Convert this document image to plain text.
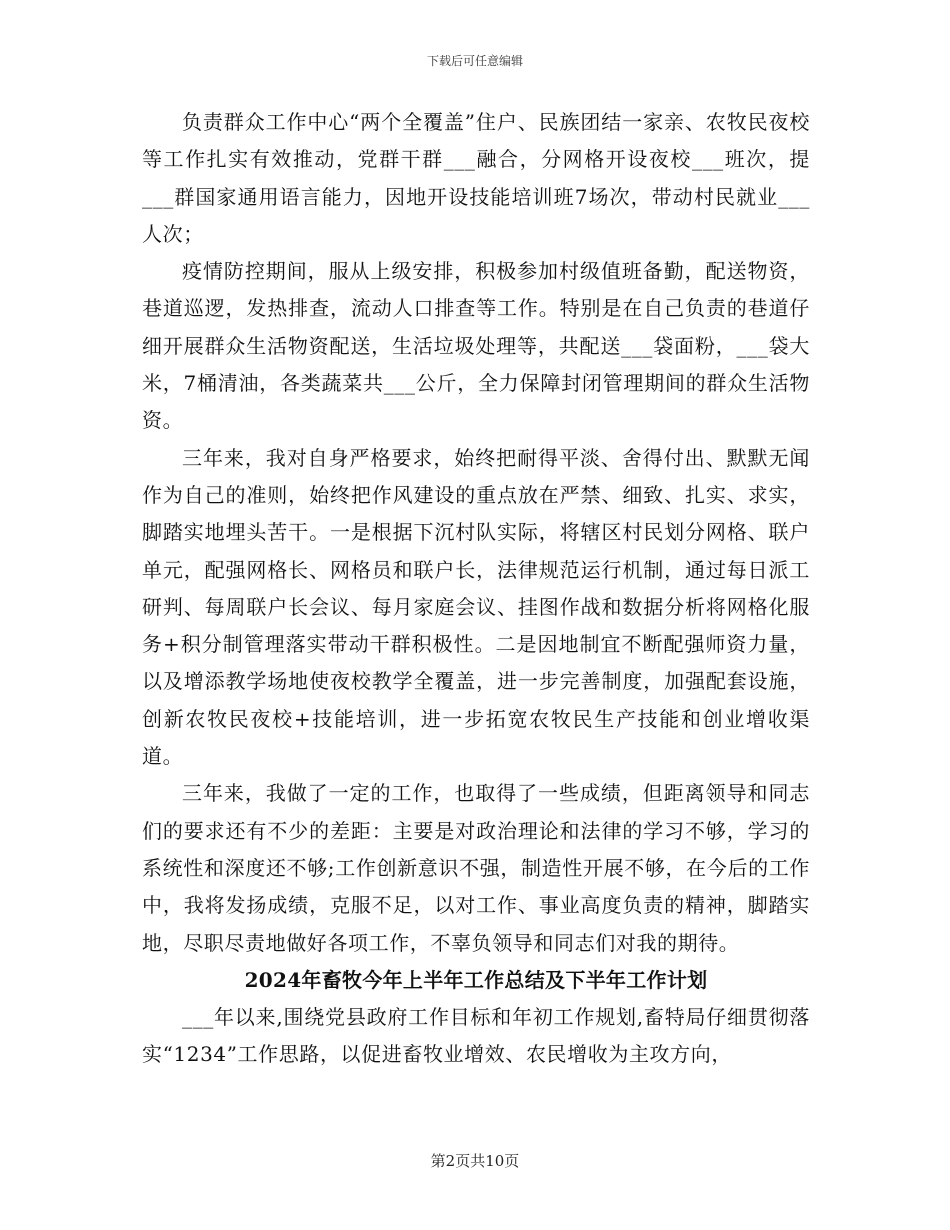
下载后可任意编辑

负责群众工作中心“两个全覆盖”住户、民族团结一家亲、农牧民夜校等工作扎实有效推动，党群干群___融合，分网格开设夜校___班次，提___群国家通用语言能力，因地开设技能培训班7场次，带动村民就业___人次；

疫情防控期间，服从上级安排，积极参加村级值班备勤，配送物资，巷道巡逻，发热排查，流动人口排查等工作。特别是在自己负责的巷道仔细开展群众生活物资配送，生活垃圾处理等，共配送___袋面粉，___袋大米，7桶清油，各类蔬菜共___公斤，全力保障封闭管理期间的群众生活物资。

三年来，我对自身严格要求，始终把耐得平淡、舍得付出、默默无闻作为自己的准则，始终把作风建设的重点放在严禁、细致、扎实、求实，脚踏实地埋头苦干。一是根据下沉村队实际，将辖区村民划分网格、联户单元，配强网格长、网格员和联户长，法律规范运行机制，通过每日派工研判、每周联户长会议、每月家庭会议、挂图作战和数据分析将网格化服务+积分制管理落实带动干群积极性。二是因地制宜不断配强师资力量，以及增添教学场地使夜校教学全覆盖，进一步完善制度，加强配套设施，创新农牧民夜校+技能培训，进一步拓宽农牧民生产技能和创业增收渠道。

三年来，我做了一定的工作，也取得了一些成绩，但距离领导和同志们的要求还有不少的差距：主要是对政治理论和法律的学习不够，学习的系统性和深度还不够;工作创新意识不强，制造性开展不够，在今后的工作中，我将发扬成绩，克服不足，以对工作、事业高度负责的精神，脚踏实地，尽职尽责地做好各项工作，不辜负领导和同志们对我的期待。

2024年畜牧今年上半年工作总结及下半年工作计划

___年以来,围绕党县政府工作目标和年初工作规划,畜特局仔细贯彻落实“1234”工作思路，以促进畜牧业增效、农民增收为主攻方向，

第2页共10页
